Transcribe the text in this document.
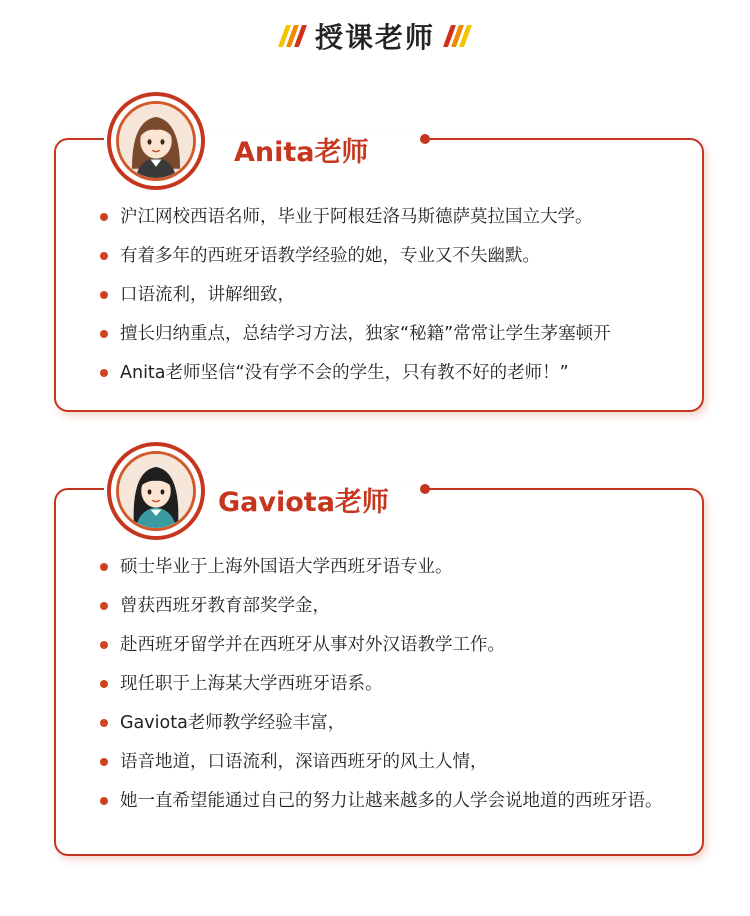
授课老师
沪江网校西语名师，毕业于阿根廷洛马斯德萨莫拉国立大学。
有着多年的西班牙语教学经验的她，专业又不失幽默。
口语流利，讲解细致，
擅长归纳重点，总结学习方法，独家“秘籍”常常让学生茅塞顿开
Anita老师坚信“没有学不会的学生，只有教不好的老师！”
Anita老师
硕士毕业于上海外国语大学西班牙语专业。
曾获西班牙教育部奖学金，
赴西班牙留学并在西班牙从事对外汉语教学工作。
现任职于上海某大学西班牙语系。
Gaviota老师教学经验丰富，
语音地道，口语流利，深谙西班牙的风土人情，
她一直希望能通过自己的努力让越来越多的人学会说地道的西班牙语。
Gaviota老师
